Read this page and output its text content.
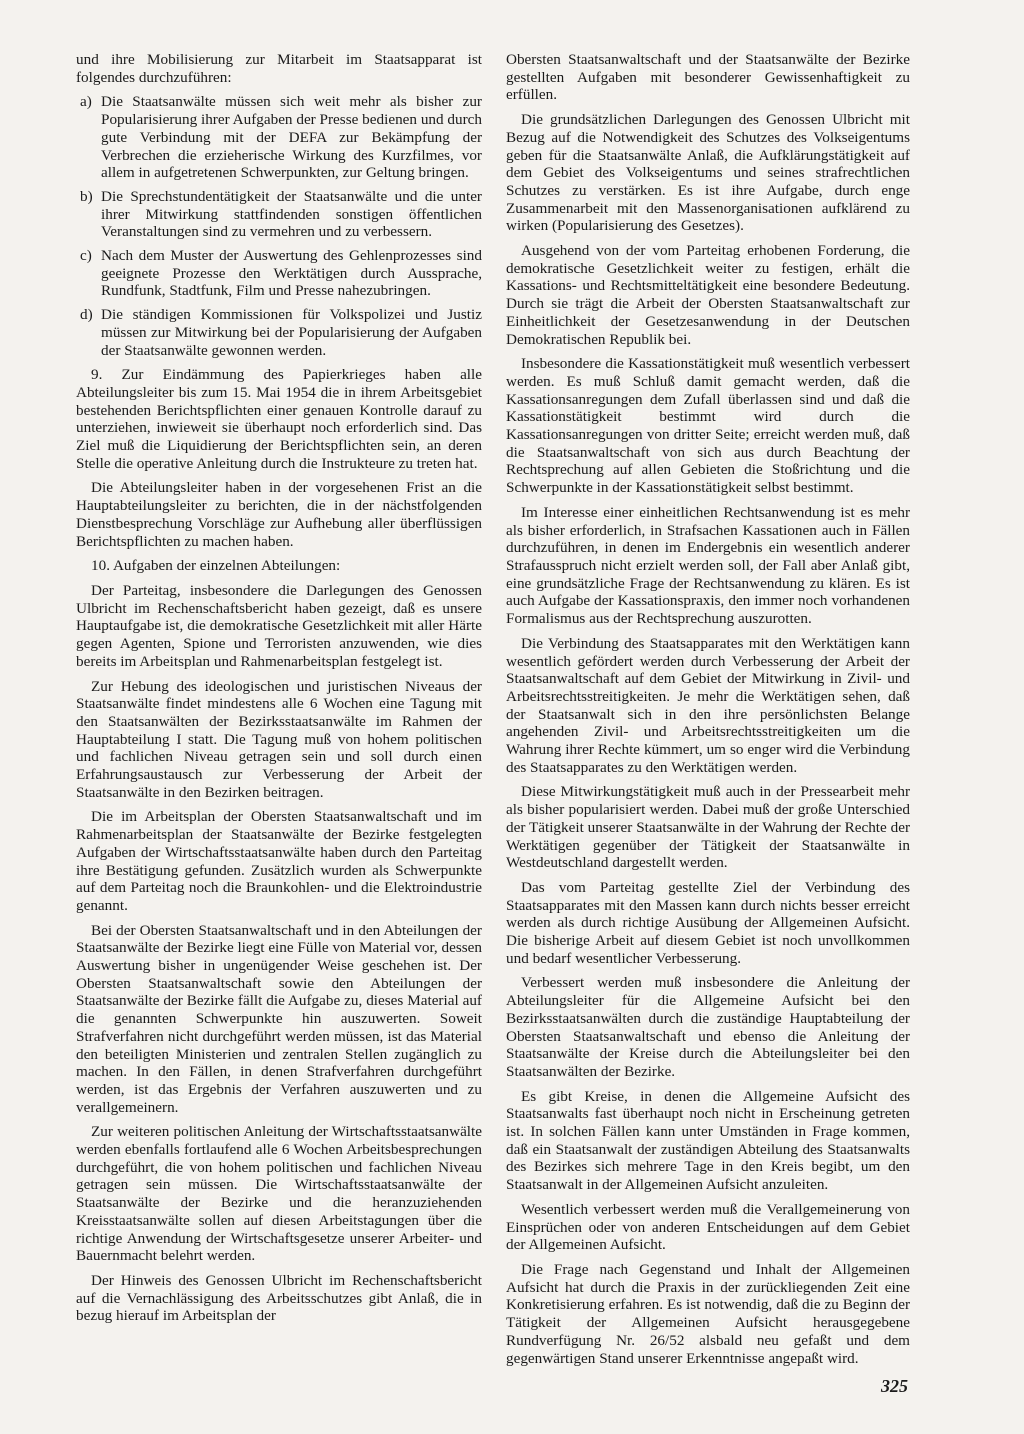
und ihre Mobilisierung zur Mitarbeit im Staatsapparat ist folgendes durchzuführen:

a) Die Staatsanwälte müssen sich weit mehr als bisher zur Popularisierung ihrer Aufgaben der Presse bedienen und durch gute Verbindung mit der DEFA zur Bekämpfung der Verbrechen die erzieherische Wirkung des Kurzfilmes, vor allem in aufgetretenen Schwerpunkten, zur Geltung bringen.
b) Die Sprechstundentätigkeit der Staatsanwälte und die unter ihrer Mitwirkung stattfindenden sonstigen öffentlichen Veranstaltungen sind zu vermehren und zu verbessern.
c) Nach dem Muster der Auswertung des Gehlenprozesses sind geeignete Prozesse den Werktätigen durch Aussprache, Rundfunk, Stadtfunk, Film und Presse nahezubringen.
d) Die ständigen Kommissionen für Volkspolizei und Justiz müssen zur Mitwirkung bei der Popularisierung der Aufgaben der Staatsanwälte gewonnen werden.

9. Zur Eindämmung des Papierkrieges haben alle Abteilungsleiter bis zum 15. Mai 1954 die in ihrem Arbeitsgebiet bestehenden Berichtspflichten einer genauen Kontrolle darauf zu unterziehen, inwieweit sie überhaupt noch erforderlich sind. Das Ziel muß die Liquidierung der Berichtspflichten sein, an deren Stelle die operative Anleitung durch die Instrukteure zu treten hat.

Die Abteilungsleiter haben in der vorgesehenen Frist an die Hauptabteilungsleiter zu berichten, die in der nächstfolgenden Dienstbesprechung Vorschläge zur Aufhebung aller überflüssigen Berichtspflichten zu machen haben.

10. Aufgaben der einzelnen Abteilungen:

Der Parteitag, insbesondere die Darlegungen des Genossen Ulbricht im Rechenschaftsbericht haben gezeigt, daß es unsere Hauptaufgabe ist, die demokratische Gesetzlichkeit mit aller Härte gegen Agenten, Spione und Terroristen anzuwenden, wie dies bereits im Arbeitsplan und Rahmenarbeitsplan festgelegt ist.

Zur Hebung des ideologischen und juristischen Niveaus der Staatsanwälte findet mindestens alle 6 Wochen eine Tagung mit den Staatsanwälten der Bezirksstaatsanwälte im Rahmen der Hauptabteilung I statt. Die Tagung muß von hohem politischen und fachlichen Niveau getragen sein und soll durch einen Erfahrungsaustausch zur Verbesserung der Arbeit der Staatsanwälte in den Bezirken beitragen.

Die im Arbeitsplan der Obersten Staatsanwaltschaft und im Rahmenarbeitsplan der Staatsanwälte der Bezirke festgelegten Aufgaben der Wirtschaftsstaatsanwälte haben durch den Parteitag ihre Bestätigung gefunden. Zusätzlich wurden als Schwerpunkte auf dem Parteitag noch die Braunkohlen- und die Elektroindustrie genannt.

Bei der Obersten Staatsanwaltschaft und in den Abteilungen der Staatsanwälte der Bezirke liegt eine Fülle von Material vor, dessen Auswertung bisher in ungenügender Weise geschehen ist. Der Obersten Staatsanwaltschaft sowie den Abteilungen der Staatsanwälte der Bezirke fällt die Aufgabe zu, dieses Material auf die genannten Schwerpunkte hin auszuwerten. Soweit Strafverfahren nicht durchgeführt werden müssen, ist das Material den beteiligten Ministerien und zentralen Stellen zugänglich zu machen. In den Fällen, in denen Strafverfahren durchgeführt werden, ist das Ergebnis der Verfahren auszuwerten und zu verallgemeinern.

Zur weiteren politischen Anleitung der Wirtschaftsstaatsanwälte werden ebenfalls fortlaufend alle 6 Wochen Arbeitsbesprechungen durchgeführt, die von hohem politischen und fachlichen Niveau getragen sein müssen. Die Wirtschaftsstaatsanwälte der Staatsanwälte der Bezirke und die heranzuziehenden Kreisstaatsanwälte sollen auf diesen Arbeitstagungen über die richtige Anwendung der Wirtschaftsgesetze unserer Arbeiter- und Bauernmacht belehrt werden.

Der Hinweis des Genossen Ulbricht im Rechenschaftsbericht auf die Vernachlässigung des Arbeitsschutzes gibt Anlaß, die in bezug hierauf im Arbeitsplan der

Obersten Staatsanwaltschaft und der Staatsanwälte der Bezirke gestellten Aufgaben mit besonderer Gewissenhaftigkeit zu erfüllen.

Die grundsätzlichen Darlegungen des Genossen Ulbricht mit Bezug auf die Notwendigkeit des Schutzes des Volkseigentums geben für die Staatsanwälte Anlaß, die Aufklärungstätigkeit auf dem Gebiet des Volkseigentums und seines strafrechtlichen Schutzes zu verstärken. Es ist ihre Aufgabe, durch enge Zusammenarbeit mit den Massenorganisationen aufklärend zu wirken (Popularisierung des Gesetzes).

Ausgehend von der vom Parteitag erhobenen Forderung, die demokratische Gesetzlichkeit weiter zu festigen, erhält die Kassations- und Rechtsmitteltätigkeit eine besondere Bedeutung. Durch sie trägt die Arbeit der Obersten Staatsanwaltschaft zur Einheitlichkeit der Gesetzesanwendung in der Deutschen Demokratischen Republik bei.

Insbesondere die Kassationstätigkeit muß wesentlich verbessert werden. Es muß Schluß damit gemacht werden, daß die Kassationsanregungen dem Zufall überlassen sind und daß die Kassationstätigkeit bestimmt wird durch die Kassationsanregungen von dritter Seite; erreicht werden muß, daß die Staatsanwaltschaft von sich aus durch Beachtung der Rechtsprechung auf allen Gebieten die Stoßrichtung und die Schwerpunkte in der Kassationstätigkeit selbst bestimmt.

Im Interesse einer einheitlichen Rechtsanwendung ist es mehr als bisher erforderlich, in Strafsachen Kassationen auch in Fällen durchzuführen, in denen im Endergebnis ein wesentlich anderer Strafausspruch nicht erzielt werden soll, der Fall aber Anlaß gibt, eine grundsätzliche Frage der Rechtsanwendung zu klären. Es ist auch Aufgabe der Kassationspraxis, den immer noch vorhandenen Formalismus aus der Rechtsprechung auszurotten.

Die Verbindung des Staatsapparates mit den Werktätigen kann wesentlich gefördert werden durch Verbesserung der Arbeit der Staatsanwaltschaft auf dem Gebiet der Mitwirkung in Zivil- und Arbeitsrechtsstreitigkeiten. Je mehr die Werktätigen sehen, daß der Staatsanwalt sich in den ihre persönlichsten Belange angehenden Zivil- und Arbeitsrechtsstreitigkeiten um die Wahrung ihrer Rechte kümmert, um so enger wird die Verbindung des Staatsapparates zu den Werktätigen werden.

Diese Mitwirkungstätigkeit muß auch in der Pressearbeit mehr als bisher popularisiert werden. Dabei muß der große Unterschied der Tätigkeit unserer Staatsanwälte in der Wahrung der Rechte der Werktätigen gegenüber der Tätigkeit der Staatsanwälte in Westdeutschland dargestellt werden.

Das vom Parteitag gestellte Ziel der Verbindung des Staatsapparates mit den Massen kann durch nichts besser erreicht werden als durch richtige Ausübung der Allgemeinen Aufsicht. Die bisherige Arbeit auf diesem Gebiet ist noch unvollkommen und bedarf wesentlicher Verbesserung.

Verbessert werden muß insbesondere die Anleitung der Abteilungsleiter für die Allgemeine Aufsicht bei den Bezirksstaatsanwälten durch die zuständige Hauptabteilung der Obersten Staatsanwaltschaft und ebenso die Anleitung der Staatsanwälte der Kreise durch die Abteilungsleiter bei den Staatsanwälten der Bezirke.

Es gibt Kreise, in denen die Allgemeine Aufsicht des Staatsanwalts fast überhaupt noch nicht in Erscheinung getreten ist. In solchen Fällen kann unter Umständen in Frage kommen, daß ein Staatsanwalt der zuständigen Abteilung des Staatsanwalts des Bezirkes sich mehrere Tage in den Kreis begibt, um den Staatsanwalt in der Allgemeinen Aufsicht anzuleiten.

Wesentlich verbessert werden muß die Verallgemeinerung von Einsprüchen oder von anderen Entscheidungen auf dem Gebiet der Allgemeinen Aufsicht.

Die Frage nach Gegenstand und Inhalt der Allgemeinen Aufsicht hat durch die Praxis in der zurückliegenden Zeit eine Konkretisierung erfahren. Es ist notwendig, daß die zu Beginn der Tätigkeit der Allgemeinen Aufsicht herausgegebene Rundverfügung Nr. 26/52 alsbald neu gefaßt und dem gegenwärtigen Stand unserer Erkenntnisse angepaßt wird.

325
